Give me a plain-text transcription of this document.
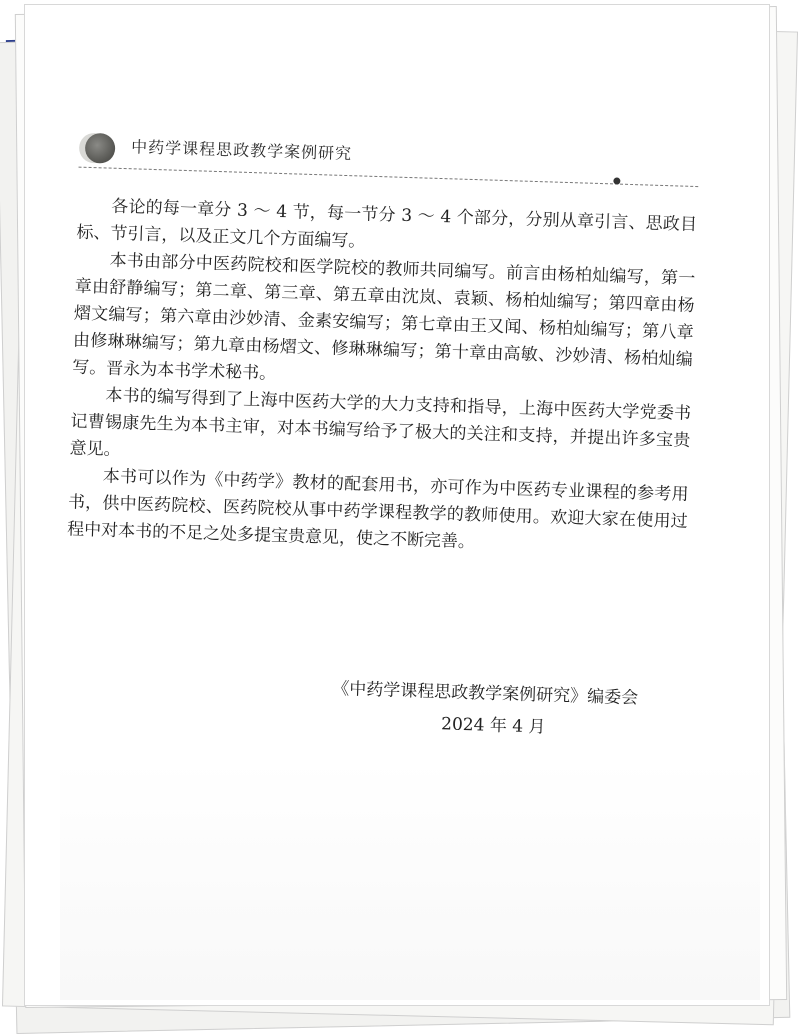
中药学课程思政教学案例研究

各论的每一章分 3 ～ 4 节，每一节分 3 ～ 4 个部分，分别从章引言、思政目标、节引言，以及正文几个方面编写。

本书由部分中医药院校和医学院校的教师共同编写。前言由杨柏灿编写，第一章由舒静编写；第二章、第三章、第五章由沈岚、袁颖、杨柏灿编写；第四章由杨熠文编写；第六章由沙妙清、金素安编写；第七章由王又闻、杨柏灿编写；第八章由修琳琳编写；第九章由杨熠文、修琳琳编写；第十章由高敏、沙妙清、杨柏灿编写。晋永为本书学术秘书。

本书的编写得到了上海中医药大学的大力支持和指导，上海中医药大学党委书记曹锡康先生为本书主审，对本书编写给予了极大的关注和支持，并提出许多宝贵意见。

本书可以作为《中药学》教材的配套用书，亦可作为中医药专业课程的参考用书，供中医药院校、医药院校从事中药学课程教学的教师使用。欢迎大家在使用过程中对本书的不足之处多提宝贵意见，使之不断完善。

《中药学课程思政教学案例研究》编委会
2024 年 4 月
